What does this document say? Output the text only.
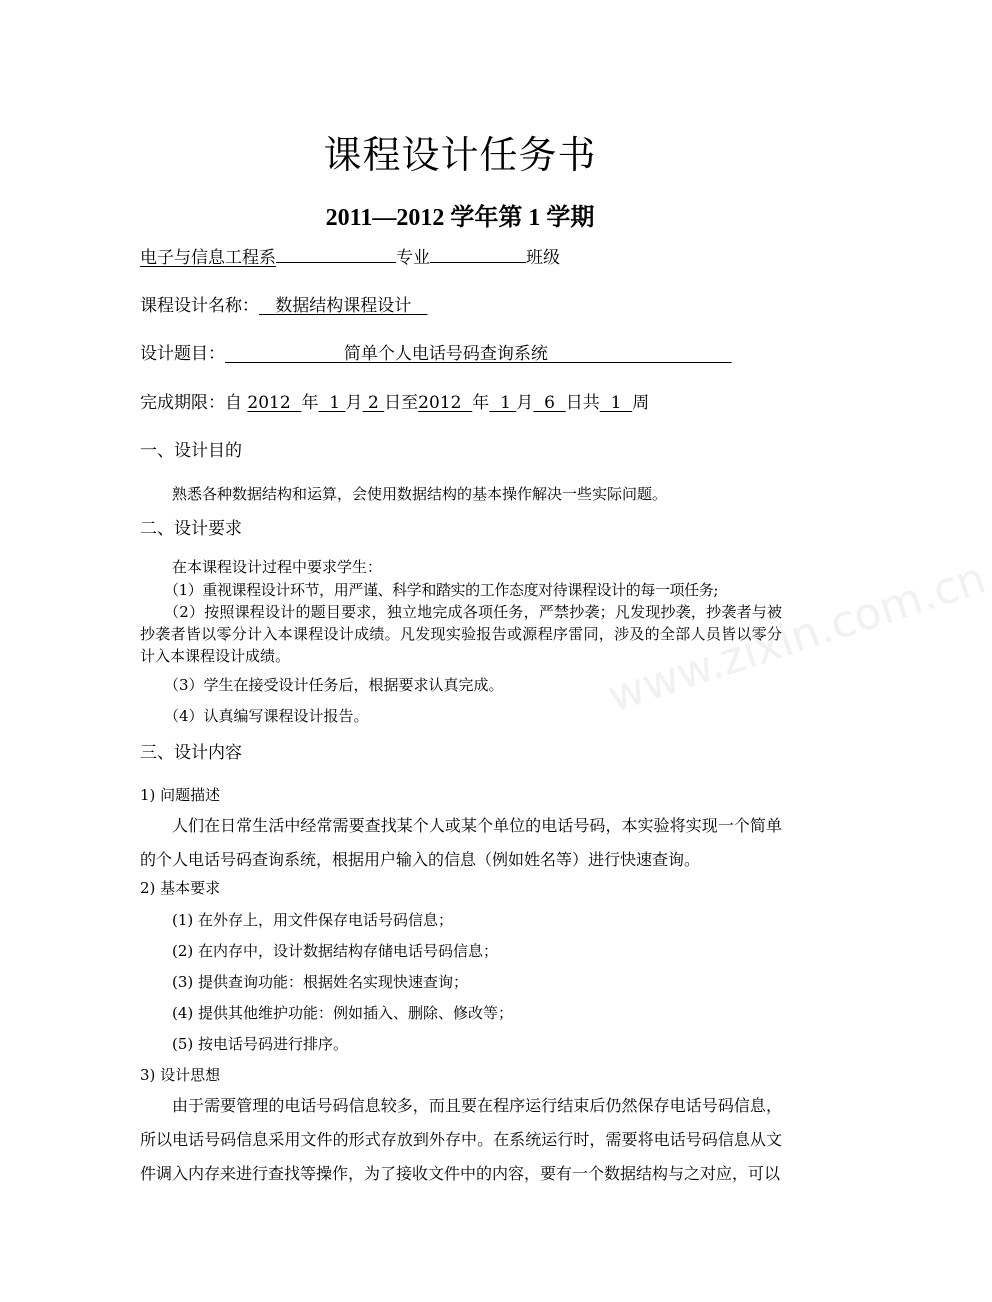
课程设计任务书
2011—2012 学年第 1 学期
电子与信息工程系	专业	班级
课程设计名称： 数据结构课程设计
设计题目：	简单个人电话号码查询系统
完成期限：自 2012 年 1 月 2 日至2012 年 1 月 6 日共 1 周
一、设计目的
熟悉各种数据结构和运算，会使用数据结构的基本操作解决一些实际问题。
二、设计要求
在本课程设计过程中要求学生：
（1）重视课程设计环节，用严谨、科学和踏实的工作态度对待课程设计的每一项任务;
（2）按照课程设计的题目要求，独立地完成各项任务，严禁抄袭；凡发现抄袭，抄袭者与被抄袭者皆以零分计入本课程设计成绩。凡发现实验报告或源程序雷同，涉及的全部人员皆以零分计入本课程设计成绩。
（3）学生在接受设计任务后，根据要求认真完成。
（4）认真编写课程设计报告。
三、设计内容
1) 问题描述
人们在日常生活中经常需要查找某个人或某个单位的电话号码，本实验将实现一个简单的个人电话号码查询系统，根据用户输入的信息（例如姓名等）进行快速查询。
2) 基本要求
(1) 在外存上，用文件保存电话号码信息；
(2) 在内存中，设计数据结构存储电话号码信息；
(3) 提供查询功能：根据姓名实现快速查询；
(4) 提供其他维护功能：例如插入、删除、修改等；
(5) 按电话号码进行排序。
3) 设计思想
由于需要管理的电话号码信息较多，而且要在程序运行结束后仍然保存电话号码信息，所以电话号码信息采用文件的形式存放到外存中。在系统运行时，需要将电话号码信息从文件调入内存来进行查找等操作，为了接收文件中的内容，要有一个数据结构与之对应，可以
www.zixin.com.cn
